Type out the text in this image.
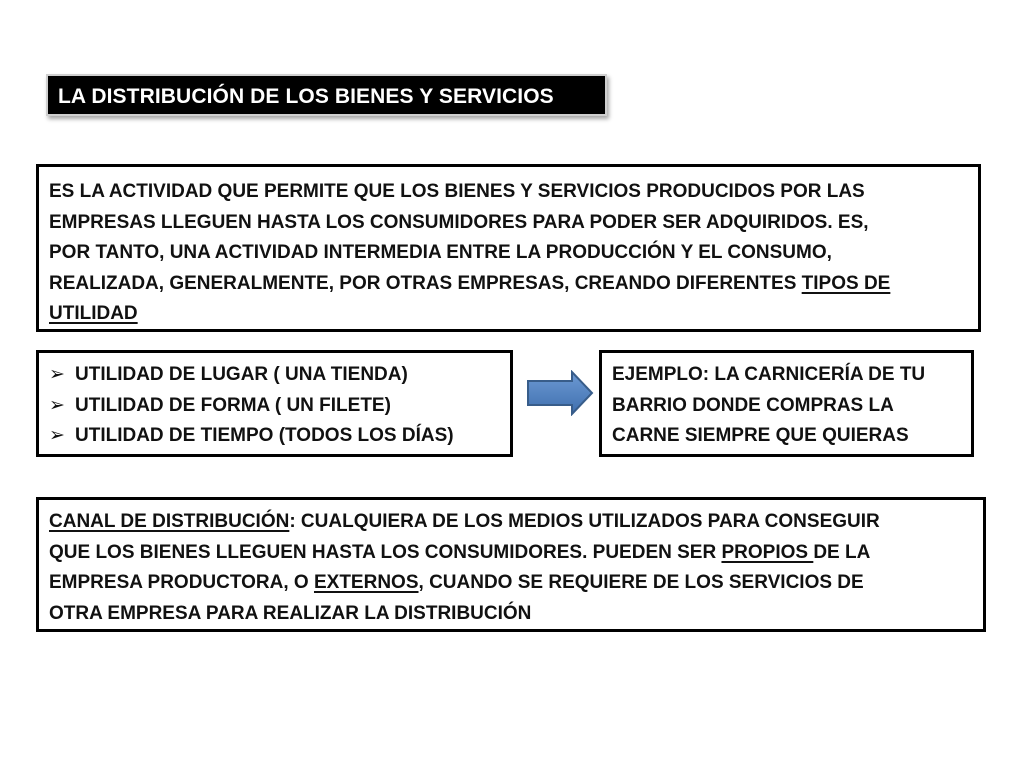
LA DISTRIBUCIÓN DE LOS BIENES Y SERVICIOS
ES LA ACTIVIDAD QUE PERMITE QUE LOS BIENES Y SERVICIOS PRODUCIDOS POR LAS
EMPRESAS LLEGUEN HASTA LOS CONSUMIDORES PARA PODER SER ADQUIRIDOS. ES,
POR TANTO, UNA ACTIVIDAD INTERMEDIA ENTRE LA PRODUCCIÓN Y EL CONSUMO,
REALIZADA, GENERALMENTE, POR OTRAS EMPRESAS, CREANDO DIFERENTES TIPOS DE
UTILIDAD
➢ UTILIDAD DE LUGAR ( UNA TIENDA)
➢ UTILIDAD DE FORMA ( UN FILETE)
➢ UTILIDAD DE TIEMPO (TODOS LOS DÍAS)
EJEMPLO: LA CARNICERÍA DE TU
BARRIO DONDE COMPRAS LA
CARNE SIEMPRE QUE QUIERAS
CANAL DE DISTRIBUCIÓN: CUALQUIERA DE LOS MEDIOS UTILIZADOS PARA CONSEGUIR
QUE LOS BIENES LLEGUEN HASTA LOS CONSUMIDORES. PUEDEN SER PROPIOS DE LA
EMPRESA PRODUCTORA, O EXTERNOS, CUANDO SE REQUIERE DE LOS SERVICIOS DE
OTRA EMPRESA PARA REALIZAR LA DISTRIBUCIÓN
